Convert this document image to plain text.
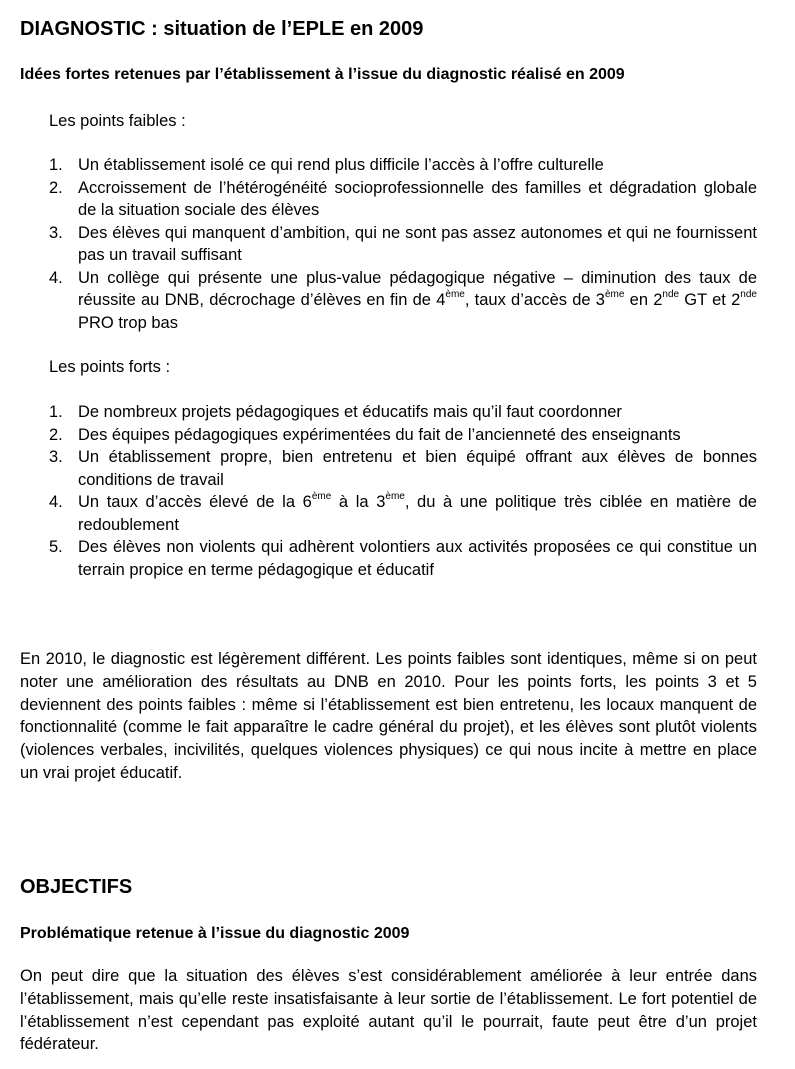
DIAGNOSTIC : situation de l’EPLE en 2009
Idées fortes retenues par l’établissement à l’issue du diagnostic réalisé en 2009
Les points faibles :
1. Un établissement isolé ce qui rend plus difficile l’accès à l’offre culturelle
2. Accroissement de l’hétérogénéité socioprofessionnelle des familles et dégradation globale de la situation sociale des élèves
3. Des élèves qui manquent d’ambition, qui ne sont pas assez autonomes et qui ne fournissent pas un travail suffisant
4. Un collège qui présente une plus-value pédagogique négative – diminution des taux de réussite au DNB, décrochage d’élèves en fin de 4ème, taux d’accès de 3ème en 2nde GT et 2nde PRO trop bas
Les points forts :
1. De nombreux projets pédagogiques et éducatifs mais qu’il faut coordonner
2. Des équipes pédagogiques expérimentées du fait de l’ancienneté des enseignants
3. Un établissement propre, bien entretenu et bien équipé offrant aux élèves de bonnes conditions de travail
4. Un taux d’accès élevé de la 6ème à la 3ème, du à une politique très ciblée en matière de redoublement
5. Des élèves non violents qui adhèrent volontiers aux activités proposées ce qui constitue un terrain propice en terme pédagogique et éducatif

En 2010, le diagnostic est légèrement différent. Les points faibles sont identiques, même si on peut noter une amélioration des résultats au DNB en 2010. Pour les points forts, les points 3 et 5 deviennent des points faibles : même si l’établissement est bien entretenu, les locaux manquent de fonctionnalité (comme le fait apparaître le cadre général du projet), et les élèves sont plutôt violents (violences verbales, incivilités, quelques violences physiques) ce qui nous incite à mettre en place un vrai projet éducatif.

OBJECTIFS
Problématique retenue à l’issue du diagnostic 2009

On peut dire que la situation des élèves s’est considérablement améliorée à leur entrée dans l’établissement, mais qu’elle reste insatisfaisante à leur sortie de l’établissement. Le fort potentiel de l’établissement n’est cependant pas exploité autant qu’il le pourrait, faute peut être d’un projet fédérateur.
